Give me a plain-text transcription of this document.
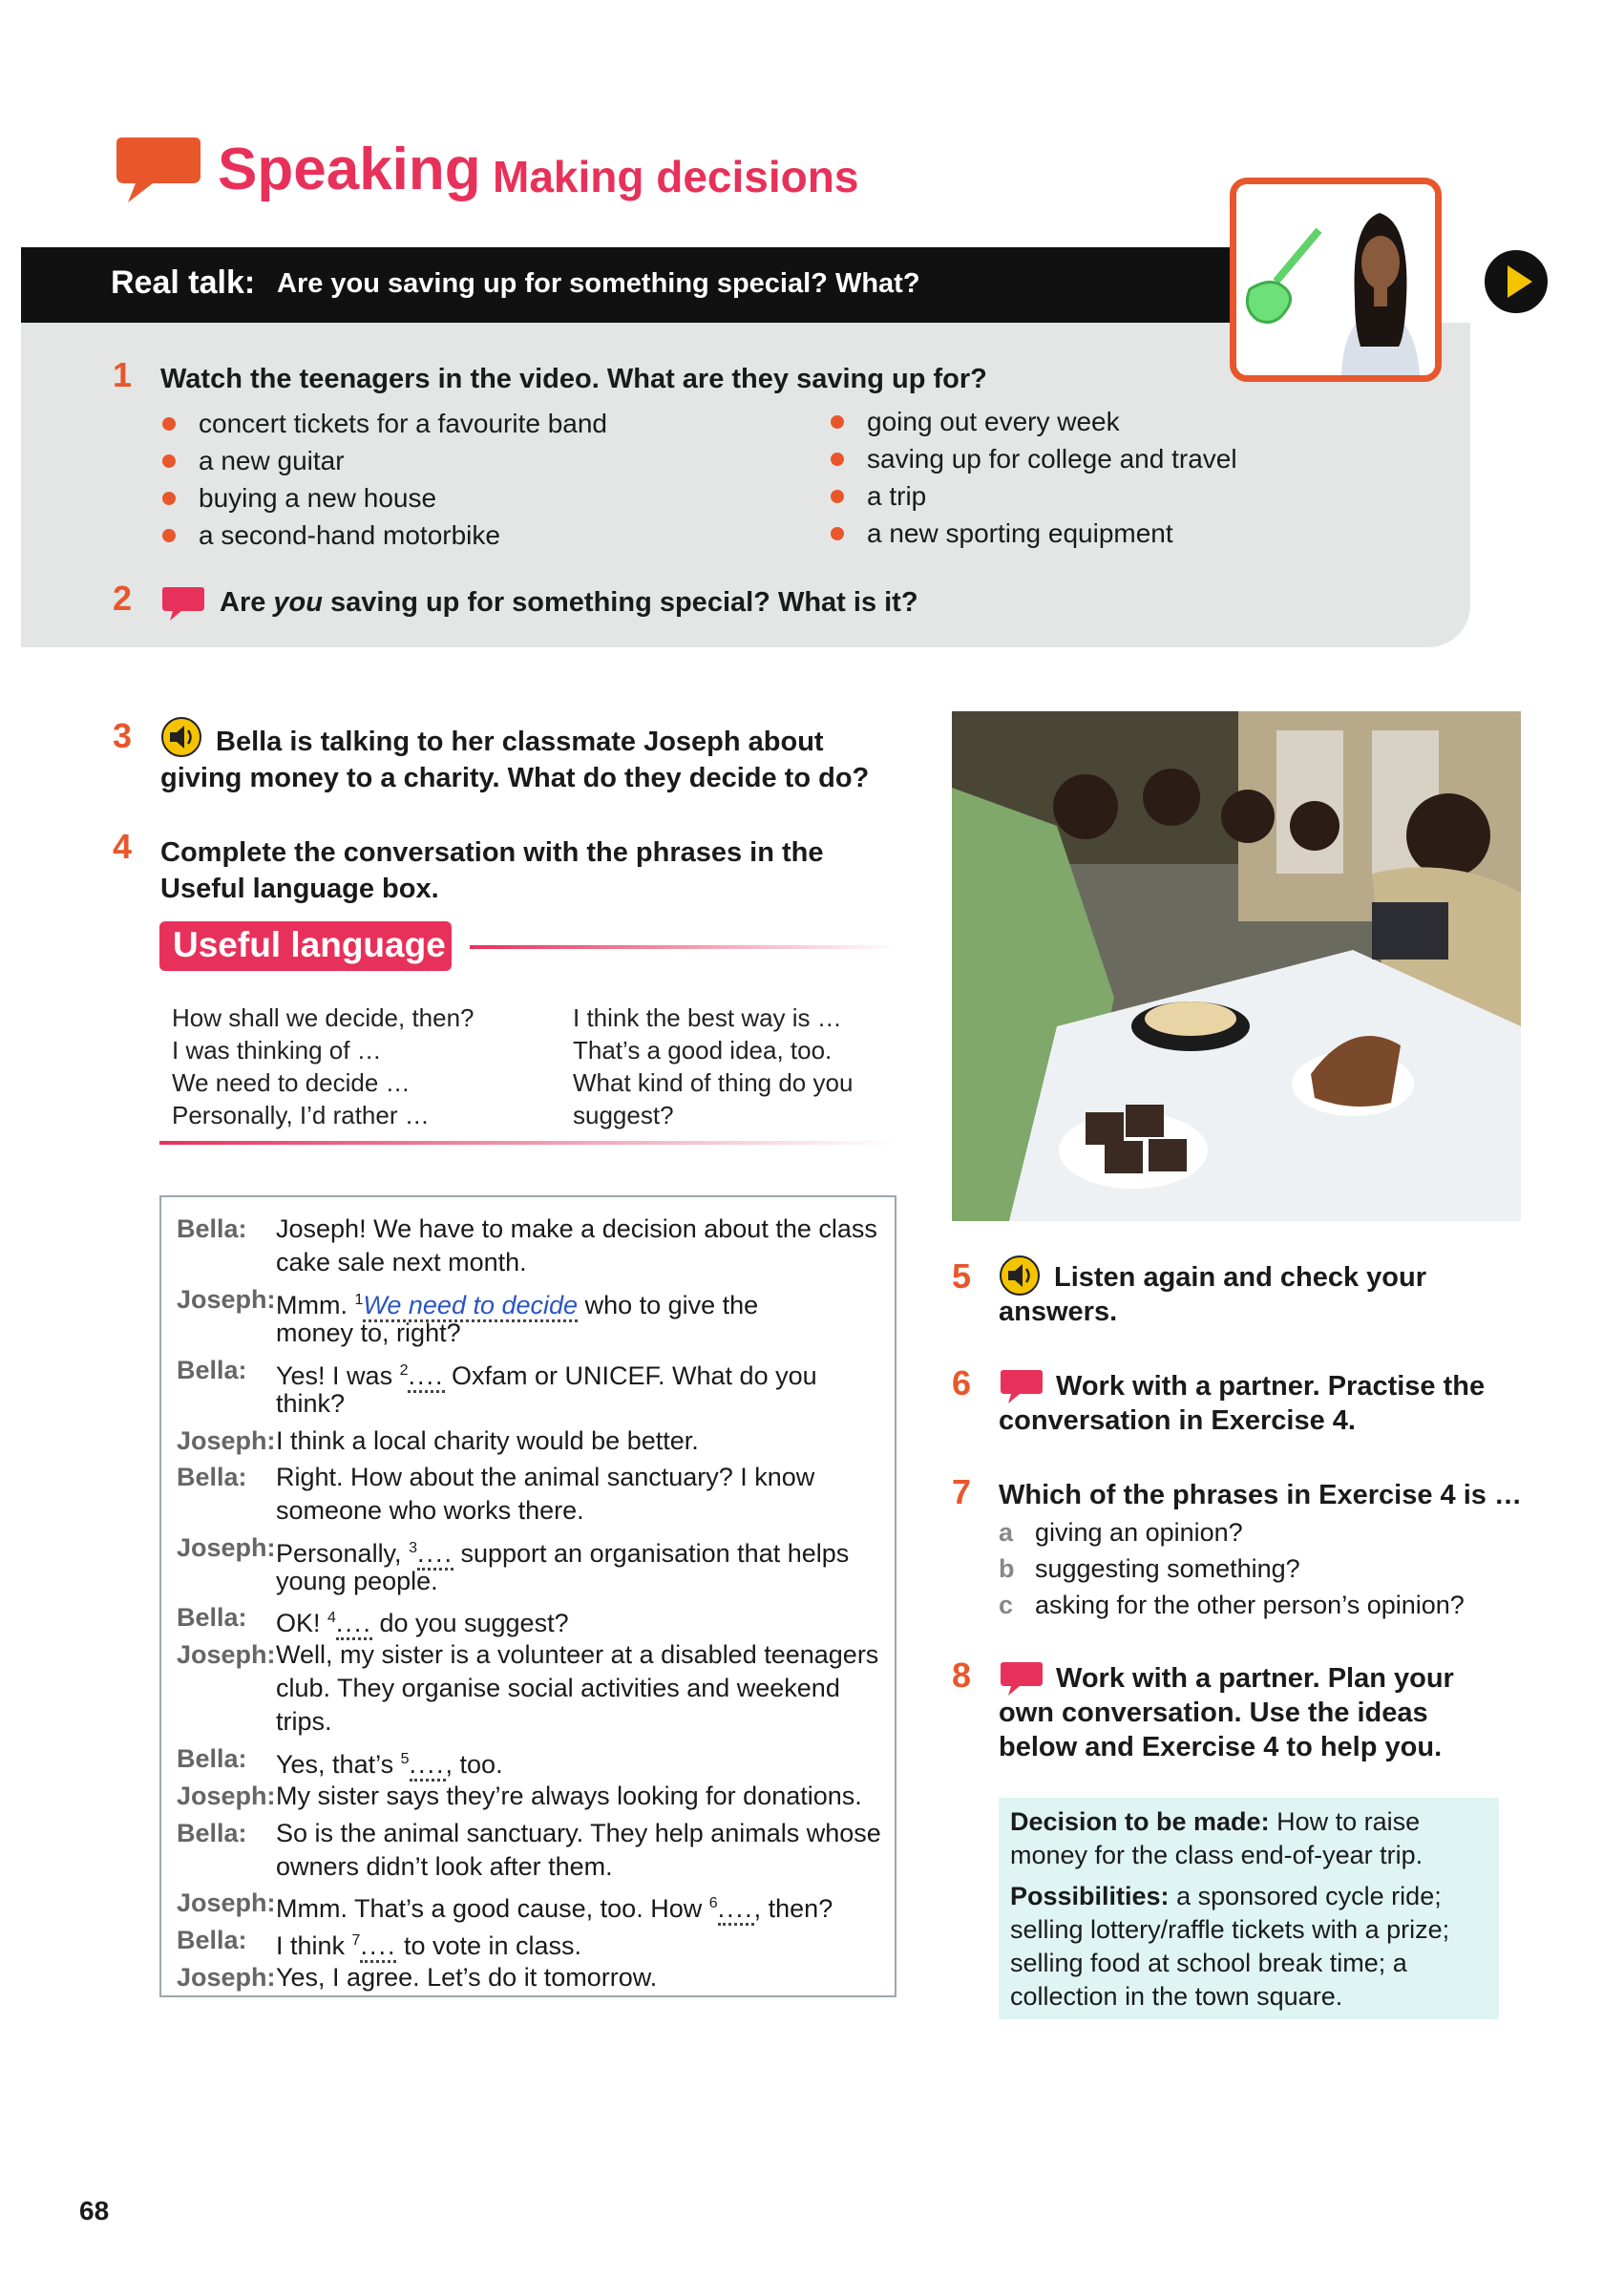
Speaking Making decisions
Real talk: Are you saving up for something special? What?
1 Watch the teenagers in the video. What are they saving up for?
concert tickets for a favourite band
a new guitar
buying a new house
a second-hand motorbike
going out every week
saving up for college and travel
a trip
a new sporting equipment
2	Are you saving up for something special? What is it?
3	Bella is talking to her classmate Joseph about
giving money to a charity. What do they decide to do?
4 Complete the conversation with the phrases in the
Useful language box.
Useful language
How shall we decide, then?
I was thinking of …
We need to decide …
Personally, I’d rather …
I think the best way is …
That’s a good idea, too.
What kind of thing do you
suggest?
Bella: Joseph! We have to make a decision about the class
cake sale next month.
Joseph: Mmm. $^1$We need to decide who to give the
money to, right?
Bella: Yes! I was $^2$.... Oxfam or UNICEF. What do you
think?
Joseph: I think a local charity would be better.
Bella: Right. How about the animal sanctuary? I know
someone who works there.
Joseph: Personally, $^3$.... support an organisation that helps
young people.
Bella: OK! $^4$.... do you suggest?
Joseph: Well, my sister is a volunteer at a disabled teenagers
club. They organise social activities and weekend
trips.
Bella: Yes, that’s $^5$...., too.
Joseph: My sister says they’re always looking for donations.
Bella: So is the animal sanctuary. They help animals whose
owners didn’t look after them.
Joseph: Mmm. That’s a good cause, too. How $^6$...., then?
Bella: I think $^7$.... to vote in class.
Joseph: Yes, I agree. Let’s do it tomorrow.
5	Listen again and check your
answers.
6	Work with a partner. Practise the
conversation in Exercise 4.
7 Which of the phrases in Exercise 4 is …
a giving an opinion?
b suggesting something?
c asking for the other person’s opinion?
8	Work with a partner. Plan your
own conversation. Use the ideas
below and Exercise 4 to help you.
Decision to be made: How to raise
money for the class end-of-year trip.
Possibilities: a sponsored cycle ride;
selling lottery/raffle tickets with a prize;
selling food at school break time; a
collection in the town square.
68
